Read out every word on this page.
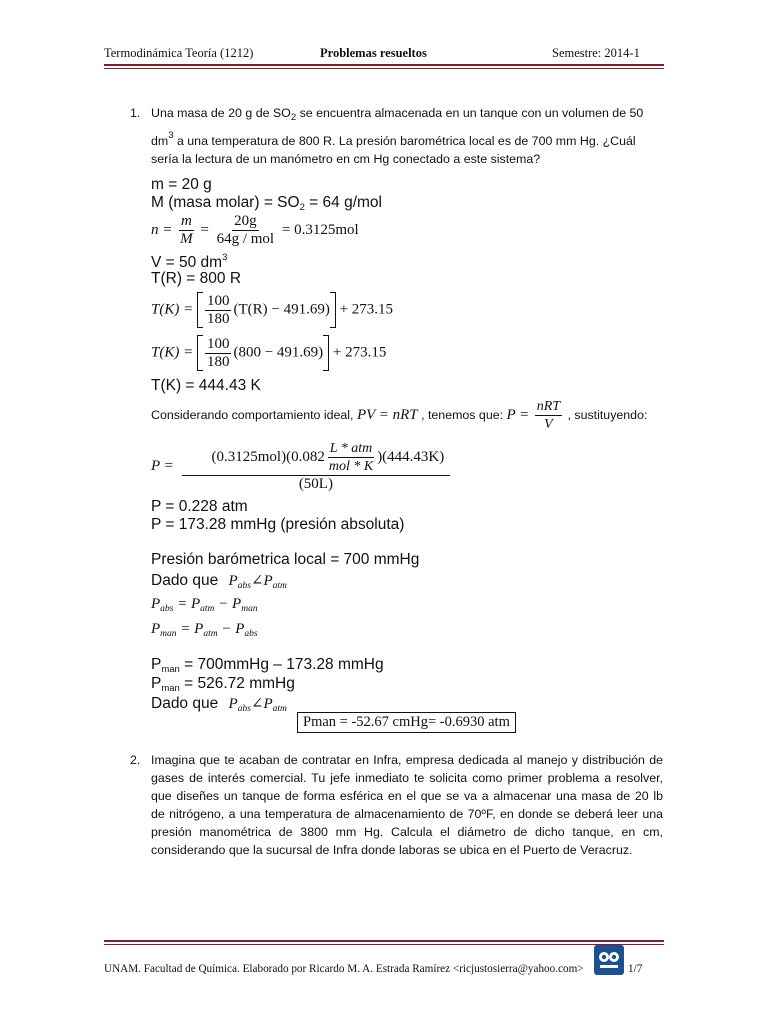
Termodinámica Teoría (1212)	Problemas resueltos	Semestre: 2014-1
1. Una masa de 20 g de $SO_2$ se encuentra almacenada en un tanque con un volumen de 50
$dm^3$ a una temperatura de 800 R. La presión barométrica local es de 700 mm Hg. ¿Cuál
sería la lectura de un manómetro en cm Hg conectado a este sistema?
m = 20 g
M (masa molar) = $SO_2 = 64$ g/mol
$n = \frac{m}{M} = \frac{20g}{\text{64g / mol}} = 0.3125mol$
V = 50 $dm^3$
T(R) = 800 R
$T(K) = \frac{100}{180} (T(R) - 491.69) + 273.15$
$T(K) = \frac{100}{180} (800 - 491.69) + 273.15$
T(K) = 444.43 K
Considerando comportamiento ideal, PV = nRT , tenemos que: $P = \frac{\text{nRT}}{V}$ , sustituyendo:
$P = \frac{(0.3125mol)(0.082 \frac{\text{L * atm}}{\text{mol * K}} )(444.43K)}{(50L)}$
P = 0.228 atm
P = 173.28 mmHg (presión absoluta)
Presión barómetrica local = 700 mmHg
Dado que $P_{abs}\angle P_{atm}$
$P_{abs} = P_{atm} - P_{man}$
$P_{man} = P_{atm} - P_{abs}$
$P_{man}$ = 700mmHg – 173.28 mmHg
$P_{man} = 526.72$ mmHg
Dado que $P_{abs}\angle P_{atm}$
Pman = -52.67 cmHg= -0.6930 atm
2. Imagina que te acaban de contratar en Infra, empresa dedicada al manejo y distribución de
gases de interés comercial. Tu jefe inmediato te solicita como primer problema a resolver,
que diseñes un tanque de forma esférica en el que se va a almacenar una masa de 20 lb
de nitrógeno, a una temperatura de almacenamiento de 70ºF, en donde se deberá leer una
presión manométrica de 3800 mm Hg. Calcula el diámetro de dicho tanque, en cm,
considerando que la sucursal de Infra donde laboras se ubica en el Puerto de Veracruz.
UNAM. Facultad de Química. Elaborado por Ricardo M. A. Estrada Ramírez <ricjustosierra@yahoo.com>	1/7
